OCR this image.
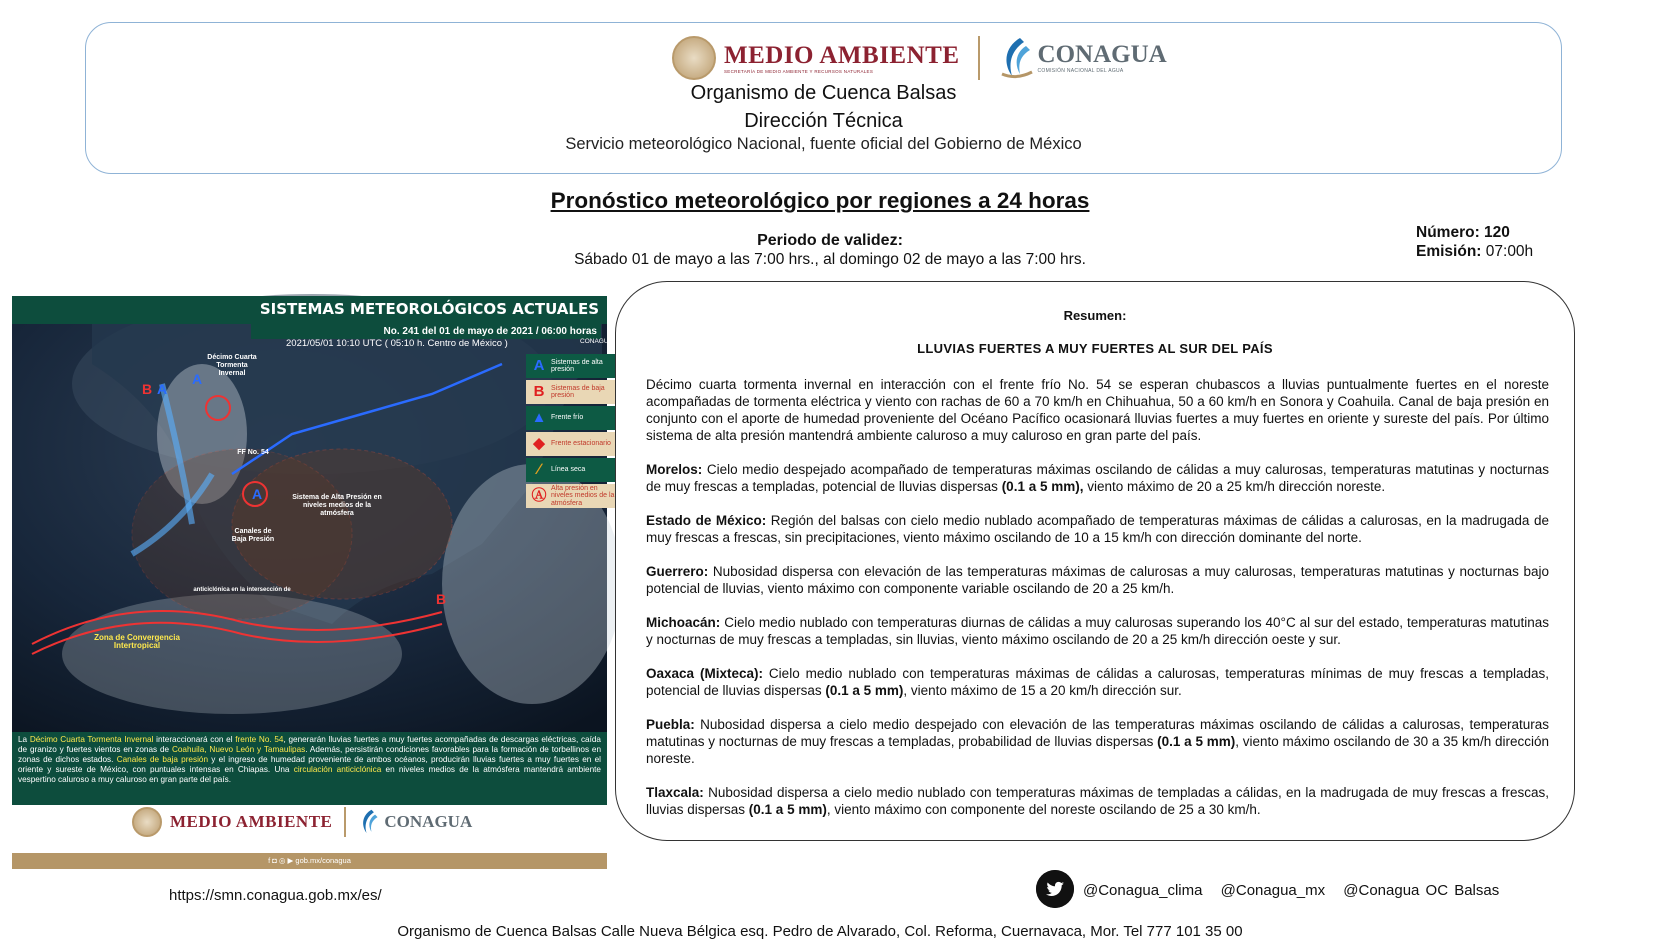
MEDIO AMBIENTE
SECRETARÍA DE MEDIO AMBIENTE Y RECURSOS NATURALES
CONAGUA
COMISIÓN NACIONAL DEL AGUA
Organismo de Cuenca Balsas
Dirección Técnica
Servicio meteorológico Nacional, fuente oficial del Gobierno de México
Pronóstico meteorológico por regiones a 24 horas
Periodo de validez:
Sábado 01 de mayo a las 7:00 hrs., al domingo 02 de mayo a las 7:00 hrs.
Número: 120
Emisión: 07:00h
A
A
B A
B
SISTEMAS METEOROLÓGICOS ACTUALES
No. 241 del 01 de mayo de 2021 / 06:00 horas
2021/05/01 10:10 UTC ( 05:10 h. Centro de México )	CONAGUA
Décimo Cuarta Tormenta Invernal
FF No. 54
Sistema de Alta Presión en niveles medios de la atmósfera
Canales de Baja Presión
Zona de Convergencia Intertropical
anticiclónica en la intersección de
A Sistemas de alta presión
B Sistemas de baja presión
▲ Frente frío
◆ Frente estacionario
∕	Línea seca
Ⓐ Alta presión en niveles medios de la atmósfera
La Décimo Cuarta Tormenta Invernal interaccionará con el frente No. 54, generarán lluvias fuertes a muy fuertes acompañadas de descargas eléctricas, caída de granizo y fuertes vientos en zonas de Coahuila, Nuevo León y Tamaulipas. Además, persistirán condiciones favorables para la formación de torbellinos en zonas de dichos estados. Canales de baja presión y el ingreso de humedad proveniente de ambos océanos, producirán lluvias fuertes a muy fuertes en el oriente y sureste de México, con puntuales intensas en Chiapas. Una circulación anticiclónica en niveles medios de la atmósfera mantendrá ambiente vespertino caluroso a muy caluroso en gran parte del país.
MEDIO AMBIENTE	CONAGUA
f ◘ ◎ ▶ gob.mx/conagua
Resumen:
LLUVIAS FUERTES A MUY FUERTES AL SUR DEL PAÍS

Décimo cuarta tormenta invernal en interacción con el frente frío No. 54 se esperan chubascos a lluvias puntualmente fuertes en el noreste acompañadas de tormenta eléctrica y viento con rachas de 60 a 70 km/h en Chihuahua, 50 a 60 km/h en Sonora y Coahuila. Canal de baja presión en conjunto con el aporte de humedad proveniente del Océano Pacífico ocasionará lluvias fuertes a muy fuertes en oriente y sureste del país. Por último sistema de alta presión mantendrá ambiente caluroso a muy caluroso en gran parte del país.

Morelos: Cielo medio despejado acompañado de temperaturas máximas oscilando de cálidas a muy calurosas, temperaturas matutinas y nocturnas de muy frescas a templadas, potencial de lluvias dispersas (0.1 a 5 mm), viento máximo de 20 a 25 km/h dirección noreste.

Estado de México: Región del balsas con cielo medio nublado acompañado de temperaturas máximas de cálidas a calurosas, en la madrugada de muy frescas a frescas, sin precipitaciones, viento máximo oscilando de 10 a 15 km/h con dirección dominante del norte.

Guerrero: Nubosidad dispersa con elevación de las temperaturas máximas de calurosas a muy calurosas, temperaturas matutinas y nocturnas bajo potencial de lluvias, viento máximo con componente variable oscilando de 20 a 25 km/h.

Michoacán: Cielo medio nublado con temperaturas diurnas de cálidas a muy calurosas superando los 40°C al sur del estado, temperaturas matutinas y nocturnas de muy frescas a templadas, sin lluvias, viento máximo oscilando de 20 a 25 km/h dirección oeste y sur.

Oaxaca (Mixteca): Cielo medio nublado con temperaturas máximas de cálidas a calurosas, temperaturas mínimas de muy frescas a templadas, potencial de lluvias dispersas (0.1 a 5 mm), viento máximo de 15 a 20 km/h dirección sur.

Puebla: Nubosidad dispersa a cielo medio despejado con elevación de las temperaturas máximas oscilando de cálidas a calurosas, temperaturas matutinas y nocturnas de muy frescas a templadas, probabilidad de lluvias dispersas (0.1 a 5 mm), viento máximo oscilando de 30 a 35 km/h dirección noreste.

Tlaxcala: Nubosidad dispersa a cielo medio nublado con temperaturas máximas de templadas a cálidas, en la madrugada de muy frescas a frescas, lluvias dispersas (0.1 a 5 mm), viento máximo con componente del noreste oscilando de 25 a 30 km/h.

https://smn.conagua.gob.mx/es/	@Conagua_clima @Conagua_mx @Conagua OC Balsas
Organismo de Cuenca Balsas Calle Nueva Bélgica esq. Pedro de Alvarado, Col. Reforma, Cuernavaca, Mor. Tel 777 101 35 00
